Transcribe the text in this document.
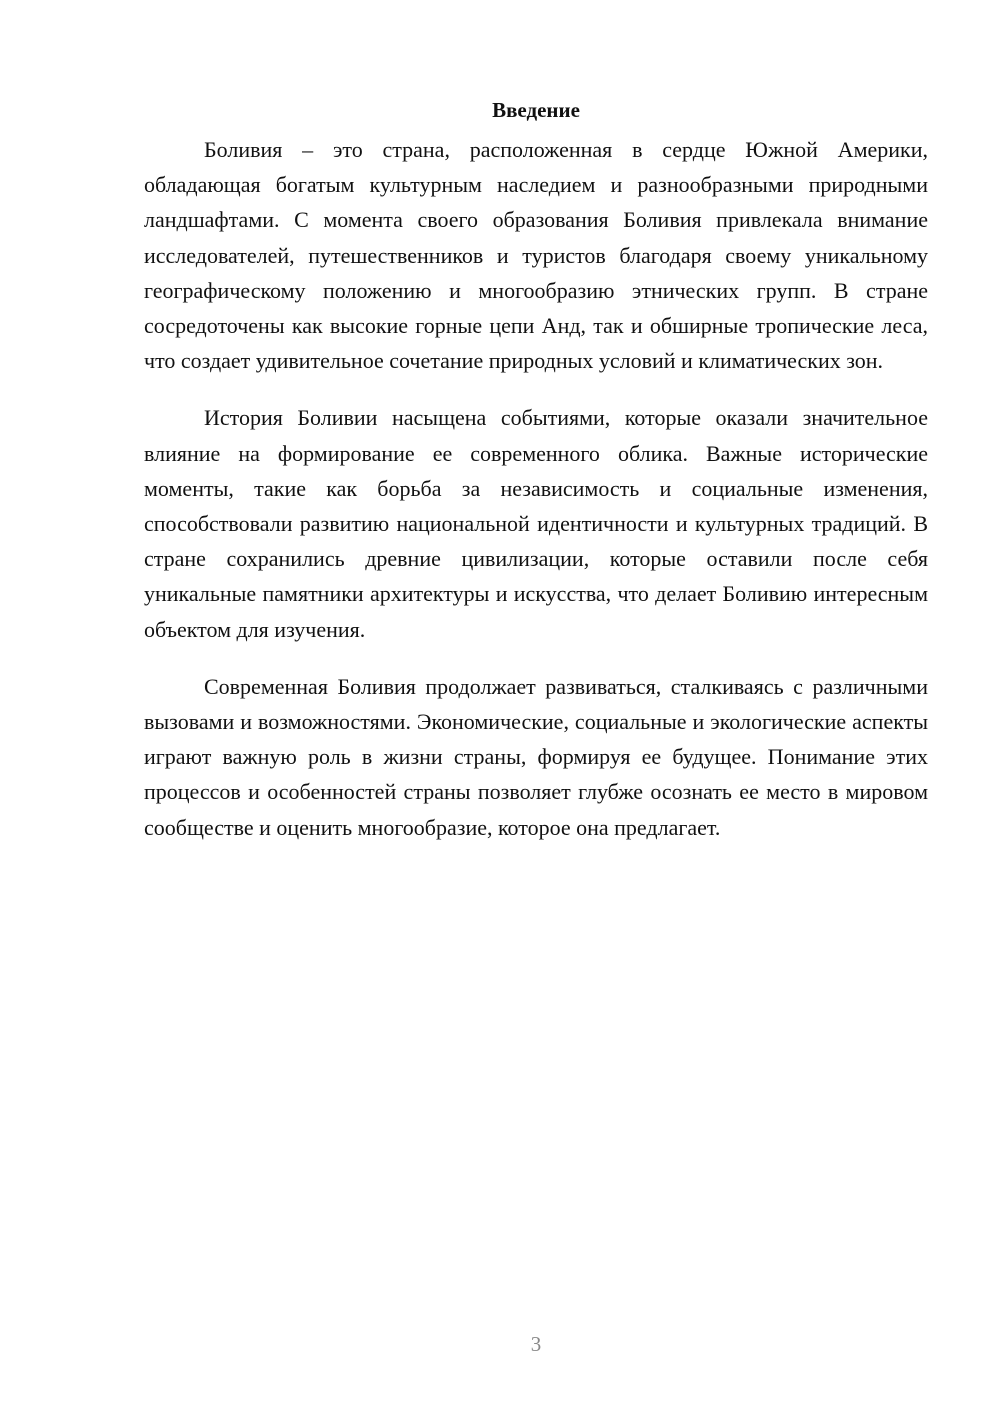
Введение

Боливия – это страна, расположенная в сердце Южной Америки, обладающая богатым культурным наследием и разнообразными природными ландшафтами. С момента своего образования Боливия привлекала внимание исследователей, путешественников и туристов благодаря своему уникальному географическому положению и многообразию этнических групп. В стране сосредоточены как высокие горные цепи Анд, так и обширные тропические леса, что создает удивительное сочетание природных условий и климатических зон.

История Боливии насыщена событиями, которые оказали значительное влияние на формирование ее современного облика. Важные исторические моменты, такие как борьба за независимость и социальные изменения, способствовали развитию национальной идентичности и культурных традиций. В стране сохранились древние цивилизации, которые оставили после себя уникальные памятники архитектуры и искусства, что делает Боливию интересным объектом для изучения.

Современная Боливия продолжает развиваться, сталкиваясь с различными вызовами и возможностями. Экономические, социальные и экологические аспекты играют важную роль в жизни страны, формируя ее будущее. Понимание этих процессов и особенностей страны позволяет глубже осознать ее место в мировом сообществе и оценить многообразие, которое она предлагает.

3
